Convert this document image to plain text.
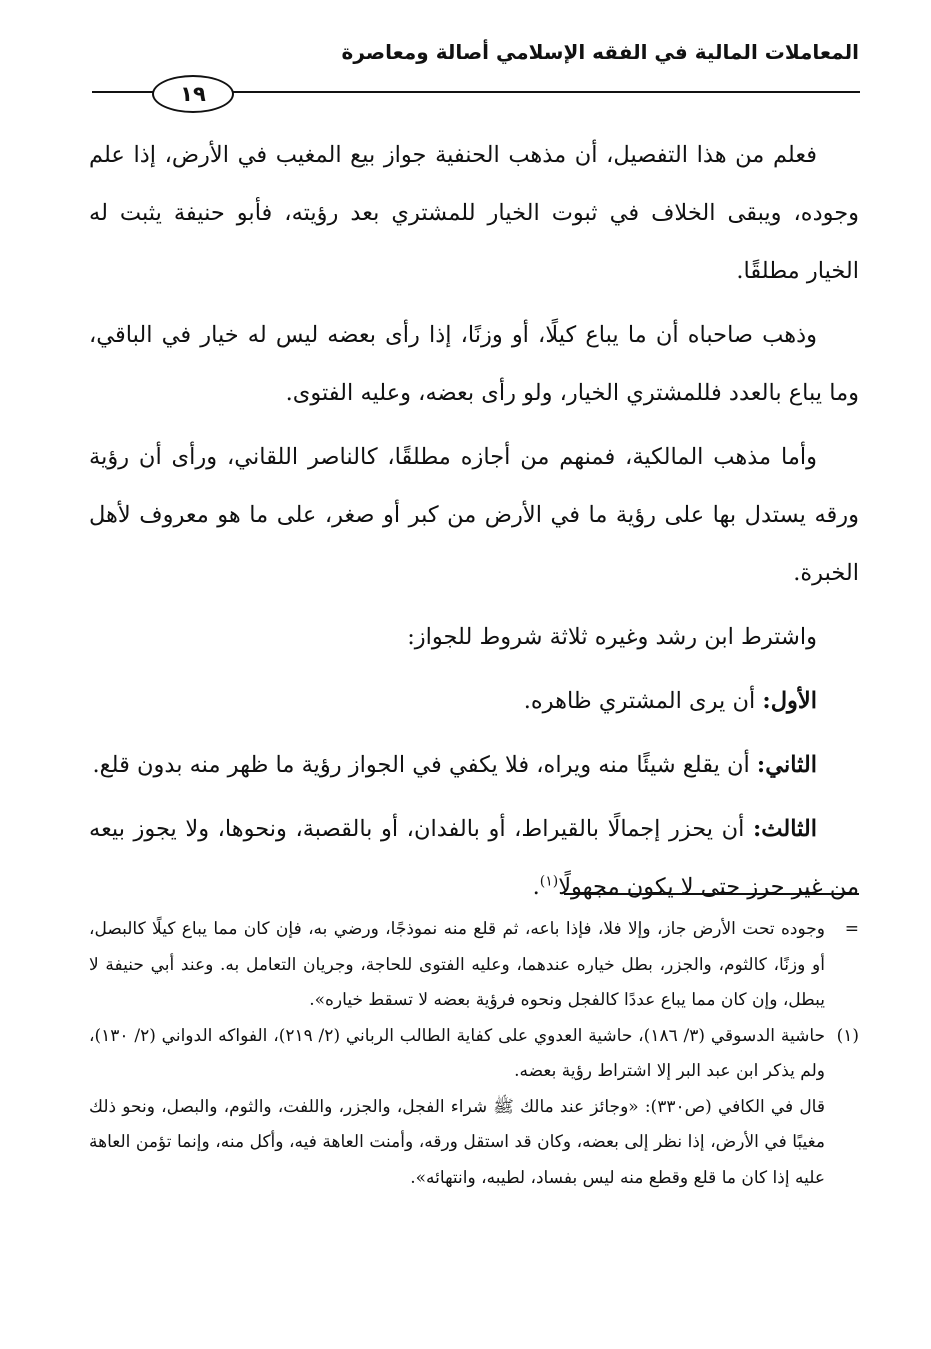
المعاملات المالية في الفقه الإسلامي أصالة ومعاصرة
١٩

فعلم من هذا التفصيل، أن مذهب الحنفية جواز بيع المغيب في الأرض، إذا علم وجوده، ويبقى الخلاف في ثبوت الخيار للمشتري بعد رؤيته، فأبو حنيفة يثبت له الخيار مطلقًا.

وذهب صاحباه أن ما يباع كيلًا، أو وزنًا، إذا رأى بعضه ليس له خيار في الباقي، وما يباع بالعدد فللمشتري الخيار، ولو رأى بعضه، وعليه الفتوى.

وأما مذهب المالكية، فمنهم من أجازه مطلقًا، كالناصر اللقاني، ورأى أن رؤية ورقه يستدل بها على رؤية ما في الأرض من كبر أو صغر، على ما هو معروف لأهل الخبرة.

واشترط ابن رشد وغيره ثلاثة شروط للجواز:

الأول: أن يرى المشتري ظاهره.

الثاني: أن يقلع شيئًا منه ويراه، فلا يكفي في الجواز رؤية ما ظهر منه بدون قلع.

الثالث: أن يحزر إجمالًا بالقيراط، أو بالفدان، أو بالقصبة، ونحوها، ولا يجوز بيعه من غير حرز حتى لا يكون مجهولًا$^{(١)}$.

=
وجوده تحت الأرض جاز، وإلا فلا، فإذا باعه، ثم قلع منه نموذجًا، ورضي به، فإن كان مما يباع كيلًا كالبصل، أو وزنًا، كالثوم، والجزر، بطل خياره عندهما، وعليه الفتوى للحاجة، وجريان التعامل به. وعند أبي حنيفة لا يبطل، وإن كان مما يباع عددًا كالفجل ونحوه فرؤية بعضه لا تسقط خياره».

(١)
حاشية الدسوقي (٣/ ١٨٦)، حاشية العدوي على كفاية الطالب الرباني (٢/ ٢١٩)، الفواكه الدواني (٢/ ١٣٠)، ولم يذكر ابن عبد البر إلا اشتراط رؤية بعضه.

قال في الكافي (ص٣٣٠): «وجائز عند مالك ﷺ شراء الفجل، والجزر، واللفت، والثوم، والبصل، ونحو ذلك مغيبًا في الأرض، إذا نظر إلى بعضه، وكان قد استقل ورقه، وأمنت العاهة فيه، وأكل منه، وإنما تؤمن العاهة عليه إذا كان ما قلع وقطع منه ليس بفساد، لطيبه، وانتهائه».
